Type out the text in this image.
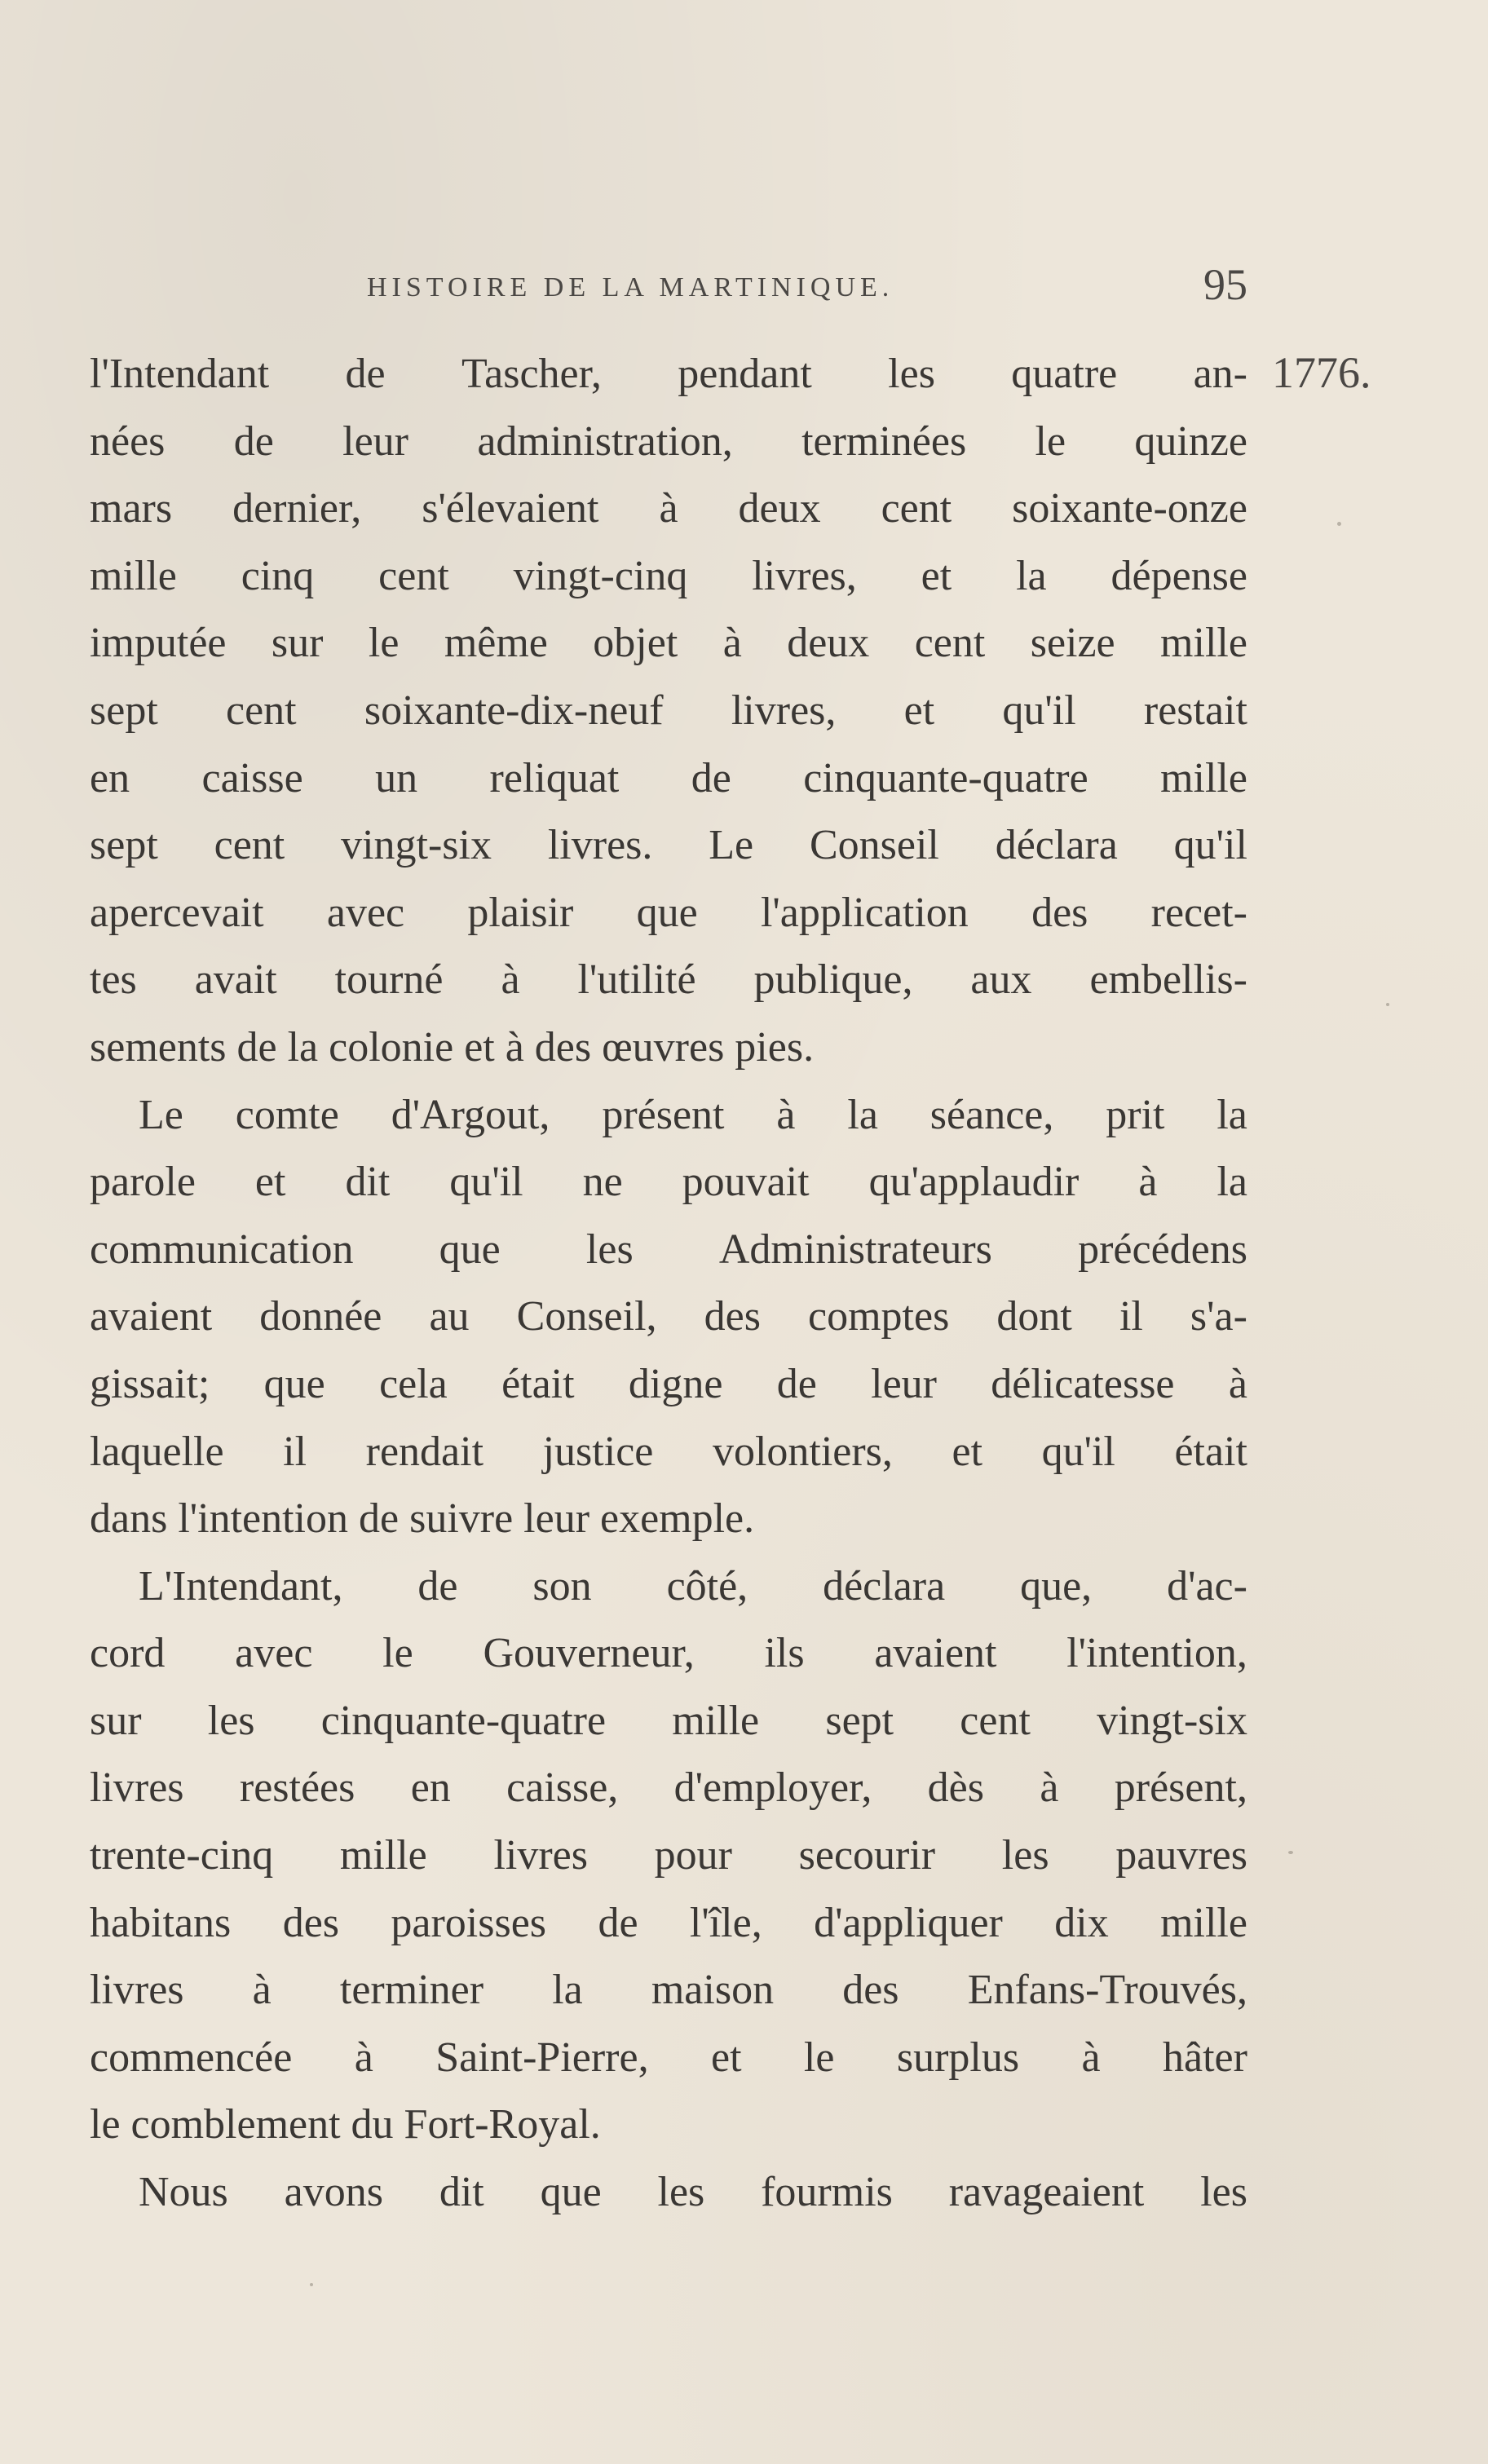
HISTOIRE DE LA MARTINIQUE.	95
1776.
l'Intendant de Tascher, pendant les quatre an-
nées de leur administration, terminées le quinze
mars dernier, s'élevaient à deux cent soixante-onze
mille cinq cent vingt-cinq livres, et la dépense
imputée sur le même objet à deux cent seize mille
sept cent soixante-dix-neuf livres, et qu'il restait
en caisse un reliquat de cinquante-quatre mille
sept cent vingt-six livres. Le Conseil déclara qu'il
apercevait avec plaisir que l'application des recet-
tes avait tourné à l'utilité publique, aux embellis-
sements de la colonie et à des œuvres pies.
Le comte d'Argout, présent à la séance, prit la
parole et dit qu'il ne pouvait qu'applaudir à la
communication que les Administrateurs précédens
avaient donnée au Conseil, des comptes dont il s'a-
gissait; que cela était digne de leur délicatesse à
laquelle il rendait justice volontiers, et qu'il était
dans l'intention de suivre leur exemple.
L'Intendant, de son côté, déclara que, d'ac-
cord avec le Gouverneur, ils avaient l'intention,
sur les cinquante-quatre mille sept cent vingt-six
livres restées en caisse, d'employer, dès à présent,
trente-cinq mille livres pour secourir les pauvres
habitans des paroisses de l'île, d'appliquer dix mille
livres à terminer la maison des Enfans-Trouvés,
commencée à Saint-Pierre, et le surplus à hâter
le comblement du Fort-Royal.
Nous avons dit que les fourmis ravageaient les
